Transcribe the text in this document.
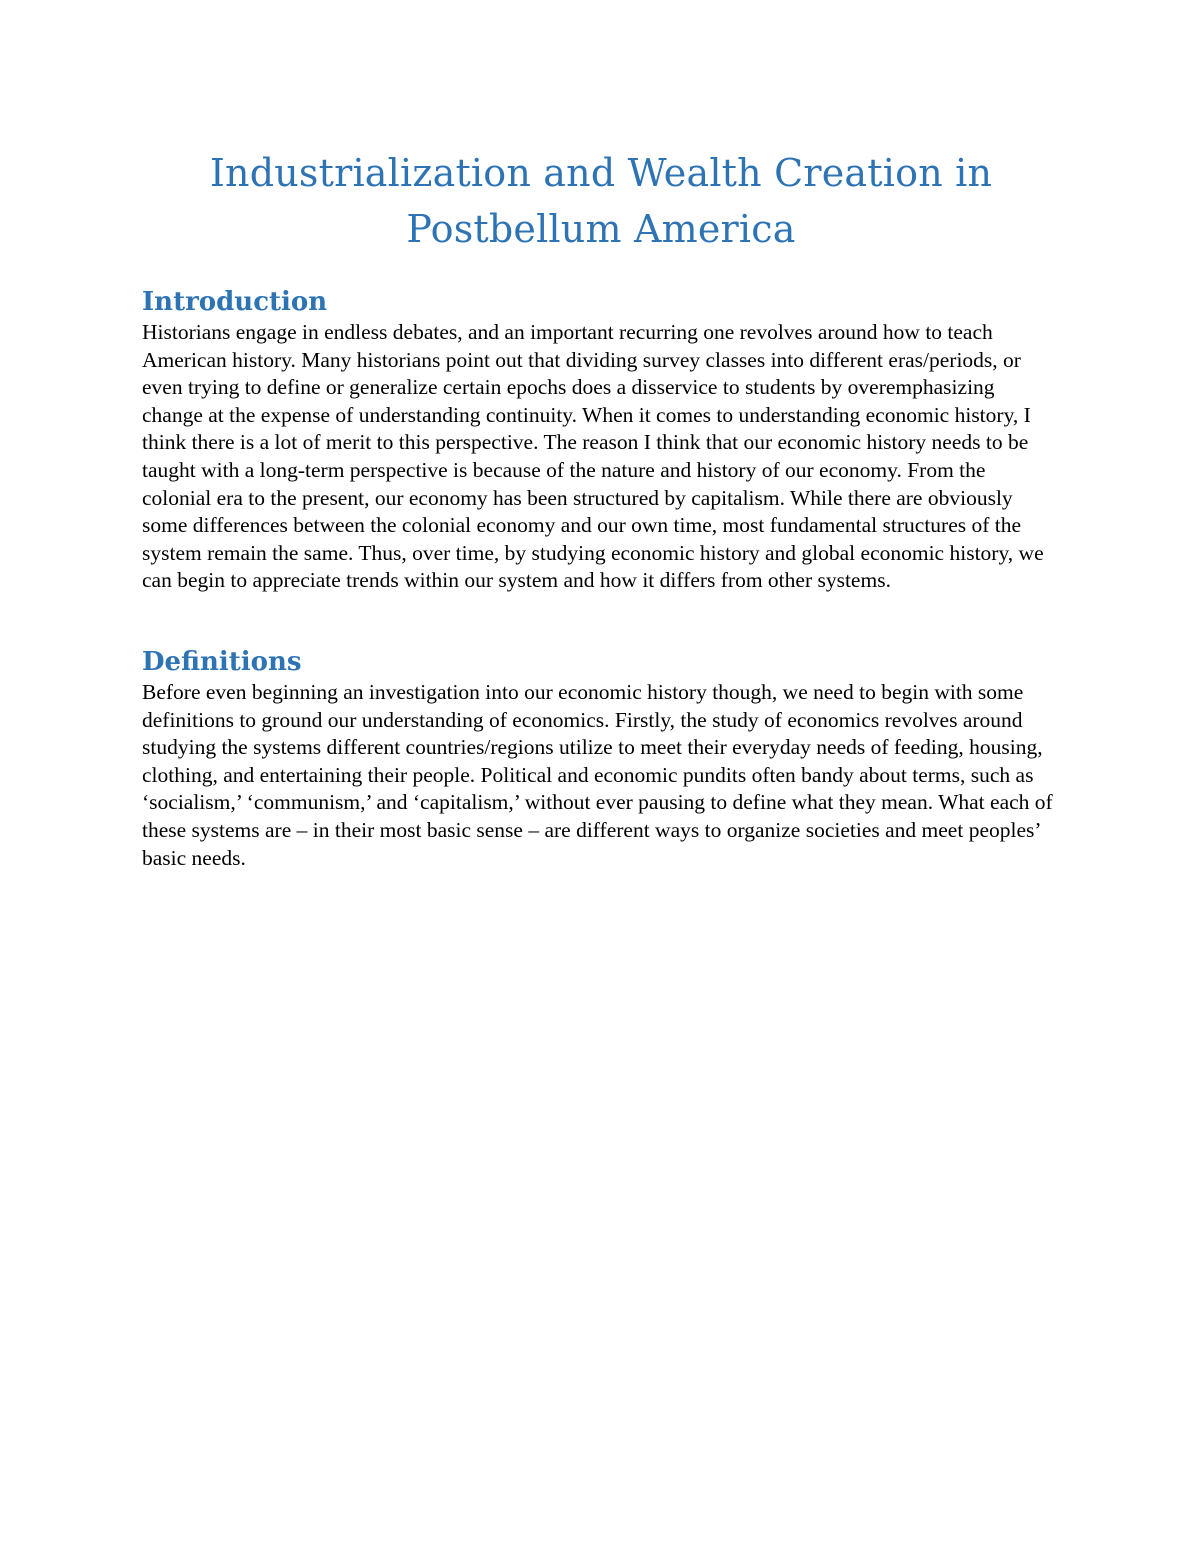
Industrialization and Wealth Creation in
Postbellum America
Introduction

Historians engage in endless debates, and an important recurring one revolves around how to teach American history. Many historians point out that dividing survey classes into different eras/periods, or even trying to define or generalize certain epochs does a disservice to students by overemphasizing change at the expense of understanding continuity. When it comes to understanding economic history, I think there is a lot of merit to this perspective. The reason I think that our economic history needs to be taught with a long-term perspective is because of the nature and history of our economy. From the colonial era to the present, our economy has been structured by capitalism. While there are obviously some differences between the colonial economy and our own time, most fundamental structures of the system remain the same. Thus, over time, by studying economic history and global economic history, we can begin to appreciate trends within our system and how it differs from other systems.

Definitions

Before even beginning an investigation into our economic history though, we need to begin with some definitions to ground our understanding of economics. Firstly, the study of economics revolves around studying the systems different countries/regions utilize to meet their everyday needs of feeding, housing, clothing, and entertaining their people. Political and economic pundits often bandy about terms, such as ‘socialism,’ ‘communism,’ and ‘capitalism,’ without ever pausing to define what they mean. What each of these systems are – in their most basic sense – are different ways to organize societies and meet peoples’ basic needs.
